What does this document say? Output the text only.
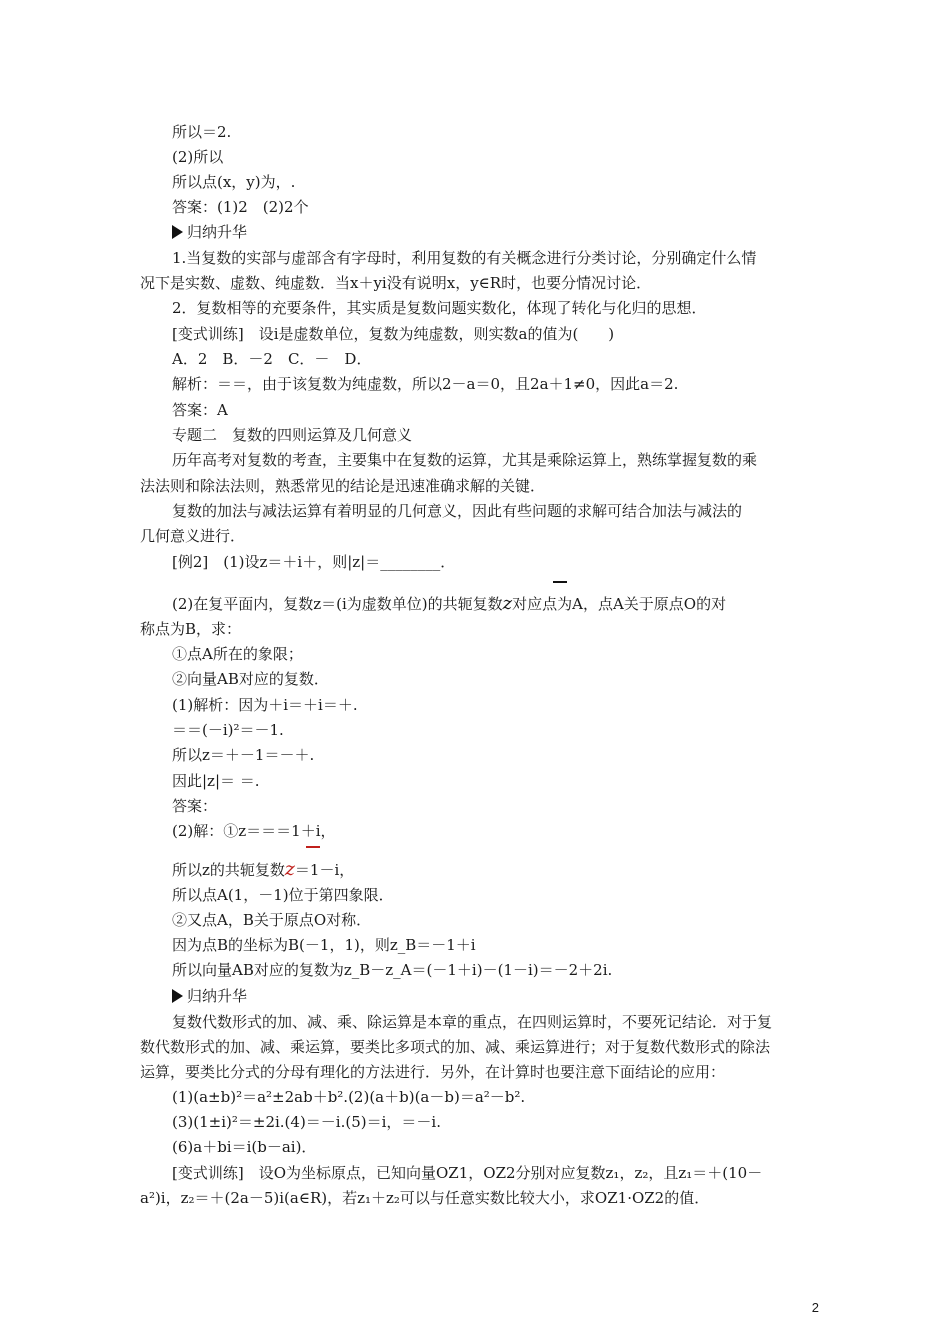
所以＝2.
(2)所以
所以点(x，y)为，.
答案：(1)2　(2)2个
归纳升华
1.当复数的实部与虚部含有字母时，利用复数的有关概念进行分类讨论，分别确定什么情
况下是实数、虚数、纯虚数．当x＋yi没有说明x，y∈R时，也要分情况讨论．
2．复数相等的充要条件，其实质是复数问题实数化，体现了转化与化归的思想．
[变式训练]　设i是虚数单位，复数为纯虚数，则实数a的值为(　　)
A．2　B．－2　C．－　D．
解析：＝＝，由于该复数为纯虚数，所以2－a＝0，且2a＋1≠0，因此a＝2.
答案：A
专题二　复数的四则运算及几何意义
历年高考对复数的考查，主要集中在复数的运算，尤其是乘除运算上，熟练掌握复数的乘
法法则和除法法则，熟悉常见的结论是迅速准确求解的关键．
复数的加法与减法运算有着明显的几何意义，因此有些问题的求解可结合加法与减法的
几何意义进行．
[例2]　(1)设z＝＋i＋，则|z|＝________．
(2)在复平面内，复数z＝(i为虚数单位)的共轭复数z对应点为A，点A关于原点O的对
称点为B，求：
①点A所在的象限；
②向量AB对应的复数．
(1)解析：因为＋i＝＋i＝＋.
＝＝(－i)²＝－1.
所以z＝＋－1＝－＋.
因此|z|＝ ＝.
答案：
(2)解：①z＝＝＝1＋i，
所以z的共轭复数z＝1－i，
所以点A(1，－1)位于第四象限．
②又点A，B关于原点O对称．
因为点B的坐标为B(－1，1)，则z_B＝－1＋i
所以向量AB对应的复数为z_B－z_A＝(－1＋i)－(1－i)＝－2＋2i.
归纳升华
复数代数形式的加、减、乘、除运算是本章的重点，在四则运算时，不要死记结论．对于复
数代数形式的加、减、乘运算，要类比多项式的加、减、乘运算进行；对于复数代数形式的除法
运算，要类比分式的分母有理化的方法进行．另外，在计算时也要注意下面结论的应用：
(1)(a±b)²＝a²±2ab＋b².(2)(a＋b)(a－b)＝a²－b².
(3)(1±i)²＝±2i.(4)＝－i.(5)＝i，＝－i.
(6)a＋bi＝i(b－ai)．
[变式训练]　设O为坐标原点，已知向量OZ1，OZ2分别对应复数z₁，z₂，且z₁＝＋(10－
a²)i，z₂＝＋(2a－5)i(a∈R)，若z₁＋z₂可以与任意实数比较大小，求OZ1·OZ2的值．
2
